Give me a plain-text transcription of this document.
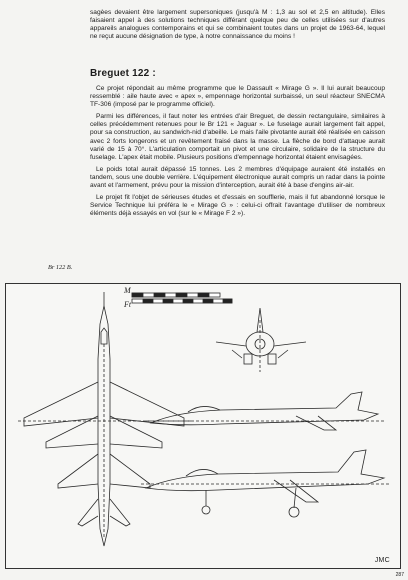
sagèes devaient être largement supersoniques (jusqu'à M : 1,3 au sol et 2,5 en altitude). Elles faisaient appel à des solutions techniques différant quelque peu de celles utilisées sur d'autres appareils analogues contemporains et qui se combinaient toutes dans un projet de 1963-64, lequel ne reçut aucune désignation de type, à notre connaissance du moins !

Breguet 122 :

Ce projet répondait au même programme que le Dassault « Mirage G ». Il lui aurait beaucoup ressemblé : aile haute avec « apex », empennage horizontal surbaissé, un seul réacteur SNECMA TF-306 (imposé par le programme officiel).

Parmi les différences, il faut noter les entrées d'air Breguet, de dessin rectangulaire, similaires à celles précédemment retenues pour le Br 121 « Jaguar ». Le fuselage aurait largement fait appel, pour sa construction, au sandwich-nid d'abeille. Le mais l'aile pivotante aurait été réalisée en caisson avec 2 forts longerons et un revêtement fraisé dans la masse. La flèche de bord d'attaque aurait varié de 15 à 70°. L'articulation comportait un pivot et une circulaire, solidaire de la structure du fuselage. L'apex était mobile. Plusieurs positions d'empennage horizontal étaient envisagées.

Le poids total aurait dépassé 15 tonnes. Les 2 membres d'équipage auraient été installés en tandem, sous une double verrière. L'équipement électronique aurait compris un radar dans la pointe avant et l'armement, prévu pour la mission d'interception, aurait été à base d'engins air-air.

Le projet fit l'objet de sérieuses études et d'essais en soufflerie, mais il fut abandonné lorsque le Service Technique lui préféra le « Mirage G » : celui-ci offrait l'avantage d'utiliser de nombreux éléments déjà essayés en vol (sur le « Mirage F 2 »).

Br 122 B.
M
Ft
JMC
287
